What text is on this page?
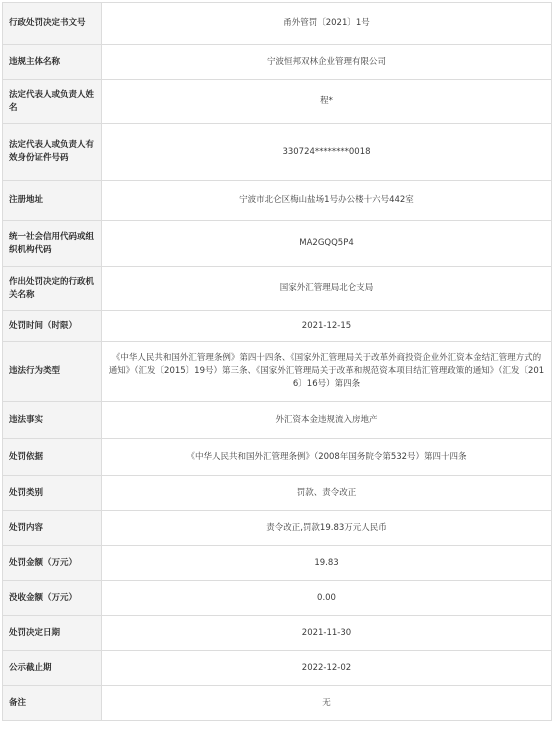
行政处罚决定书文号	甬外管罚〔2021〕1号
违规主体名称	宁波恒邦双林企业管理有限公司
法定代表人或负责人姓名	程*
法定代表人或负责人有效身份证件号码	330724********0018
注册地址	宁波市北仑区梅山盐场1号办公楼十六号442室
统一社会信用代码或组织机构代码	MA2GQQ5P4
作出处罚决定的行政机关名称	国家外汇管理局北仑支局
处罚时间（时限）	2021-12-15
违法行为类型	《中华人民共和国外汇管理条例》第四十四条、《国家外汇管理局关于改革外商投资企业外汇资本金结汇管理方式的通知》（汇发〔2015〕19号）第三条、《国家外汇管理局关于改革和规范资本项目结汇管理政策的通知》（汇发〔2016〕16号）第四条
违法事实	外汇资本金违规流入房地产
处罚依据	《中华人民共和国外汇管理条例》（2008年国务院令第532号）第四十四条
处罚类别	罚款、责令改正
处罚内容	责令改正,罚款19.83万元人民币
处罚金额（万元）	19.83
没收金额（万元）	0.00
处罚决定日期	2021-11-30
公示截止期	2022-12-02
备注	无
